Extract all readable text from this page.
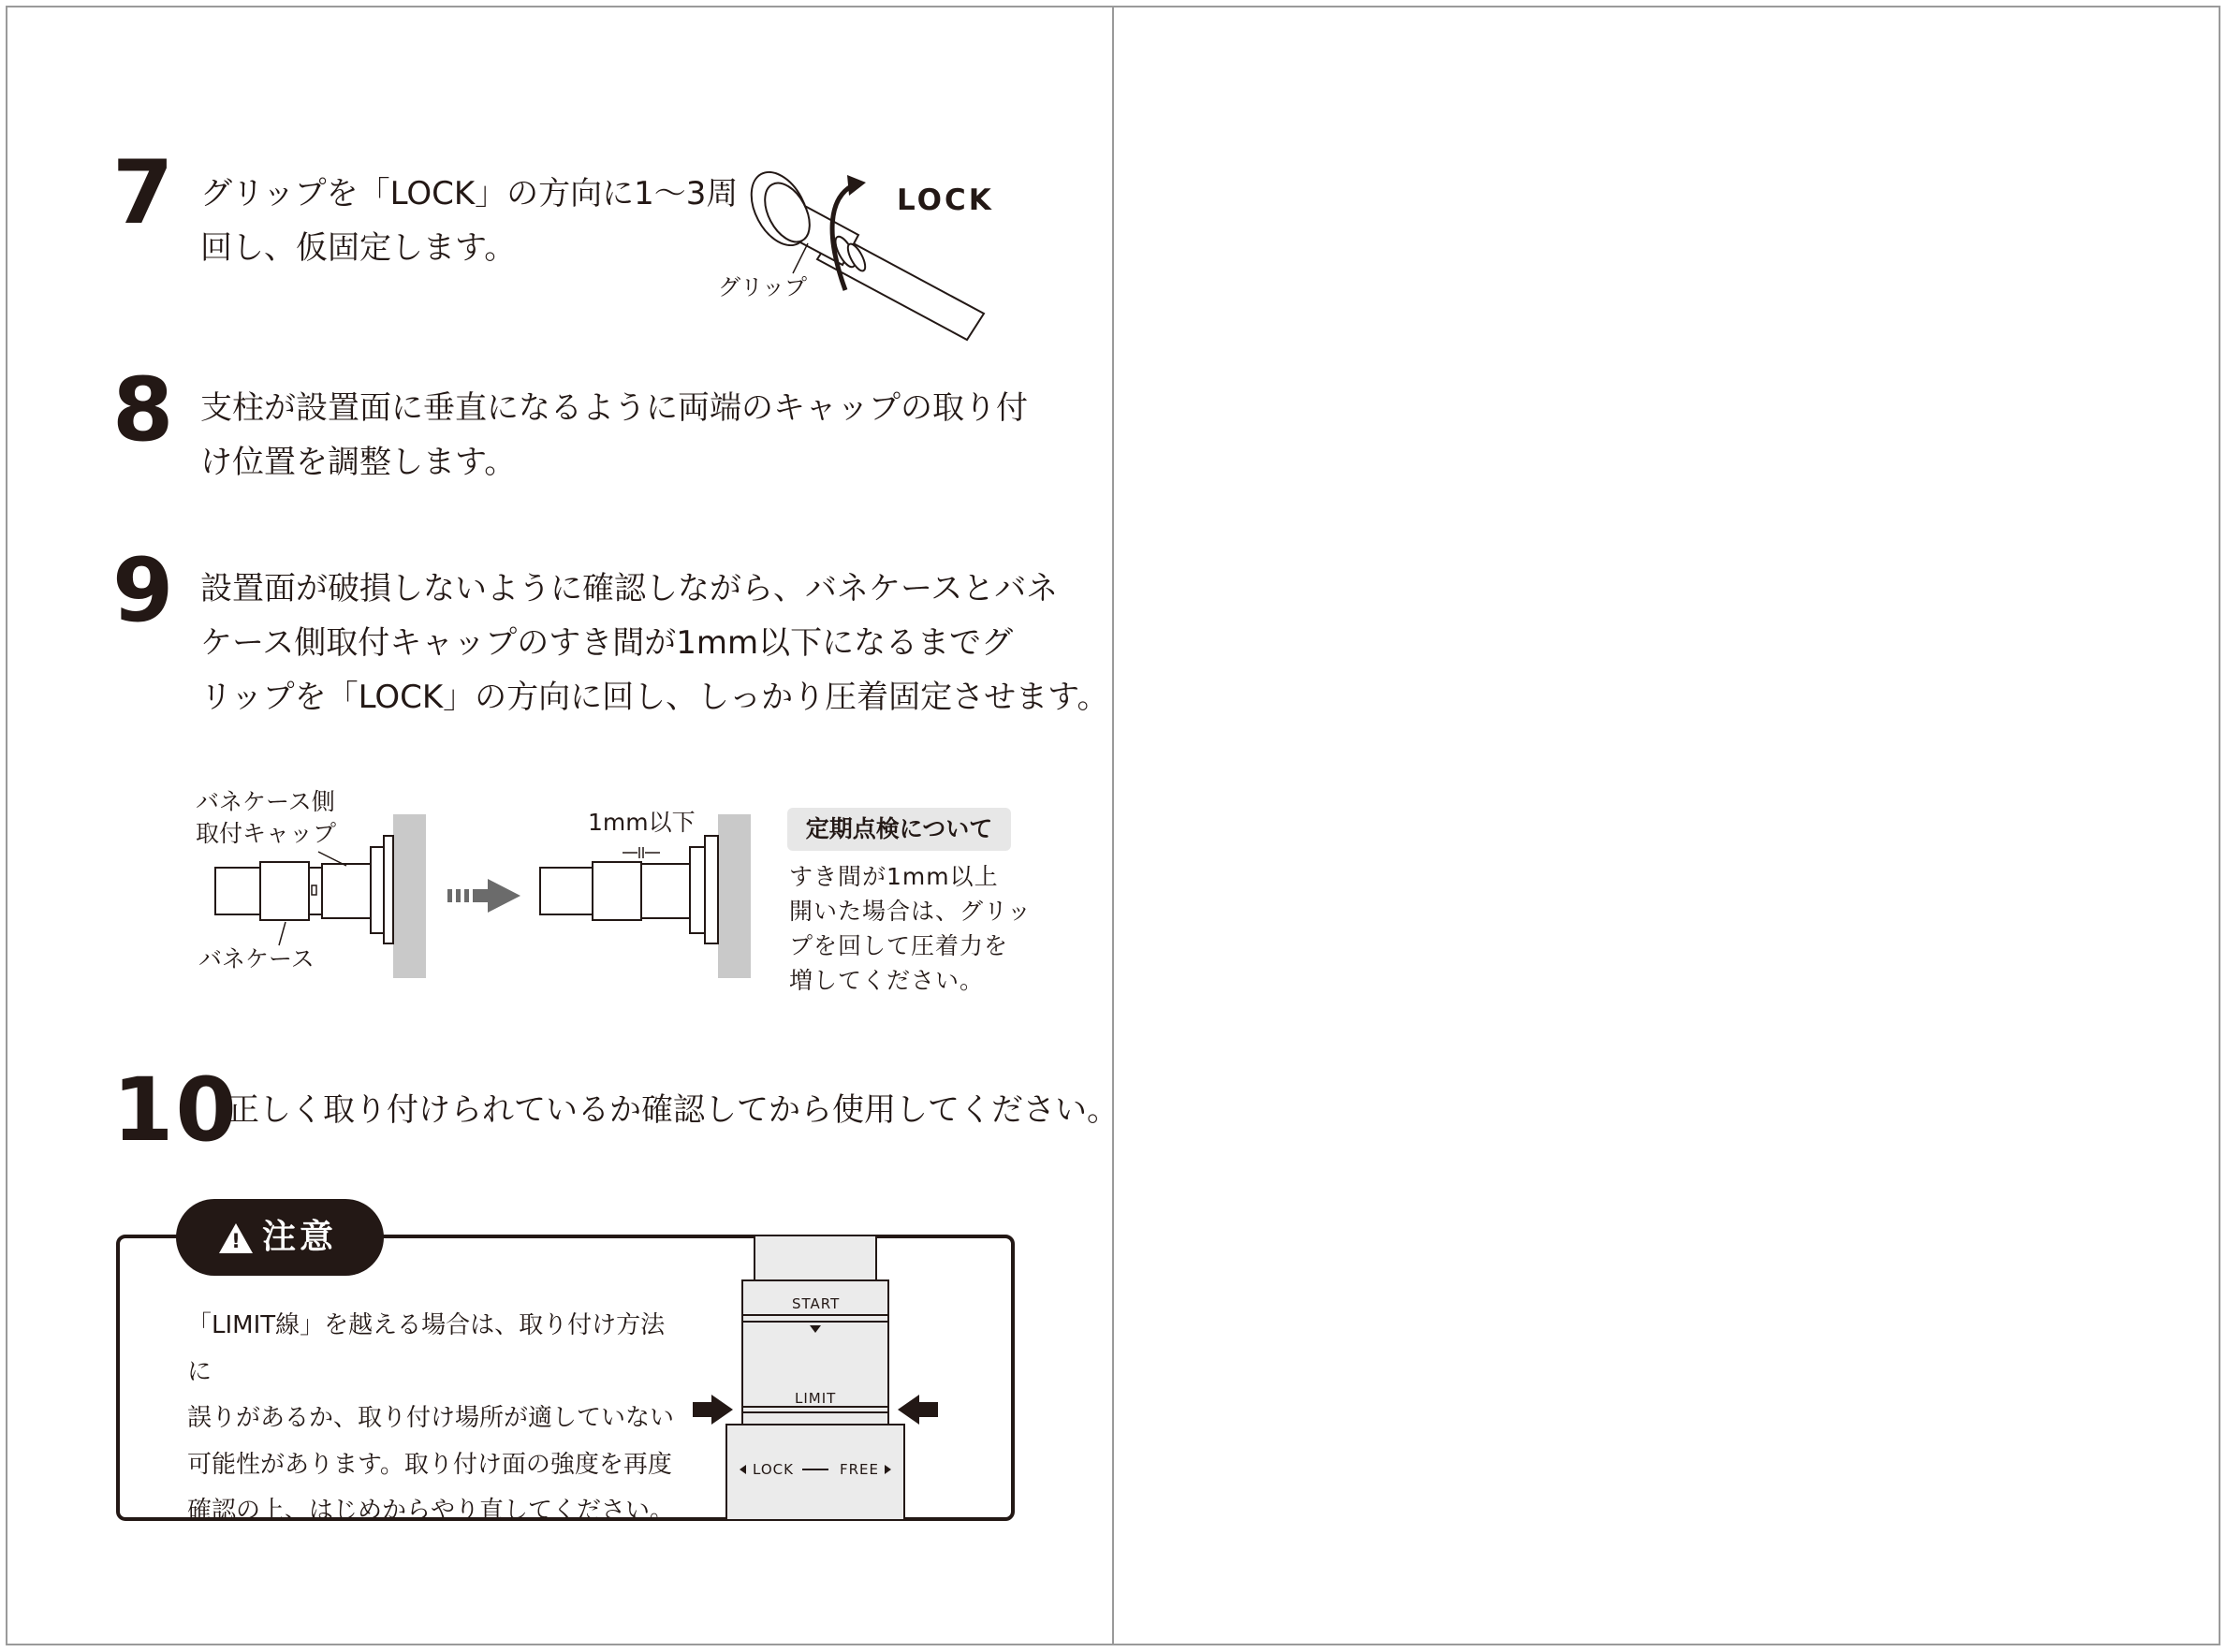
7 グリップを「LOCK」の方向に1〜3周
回し、仮固定します。

LOCK
グリップ
8 支柱が設置面に垂直になるように両端のキャップの取り付
け位置を調整します。

9 設置面が破損しないように確認しながら、バネケースとバネ
ケース側取付キャップのすき間が1mm以下になるまでグ
リップを「LOCK」の方向に回し、しっかり圧着固定させます。

バネケース側
取付キャップ
バネケース
1mm以下	定期点検について
すき間が1mm以上
開いた場合は、グリッ
プを回して圧着力を
増してください。
10

正しく取り付けられているか確認してから使用してください。

! 注意
「LIMIT線」を越える場合は、取り付け方法に
誤りがあるか、取り付け場所が適していない
可能性があります。取り付け面の強度を再度
確認の上、はじめからやり直してください。
START
LIMIT
LOCK	FREE
